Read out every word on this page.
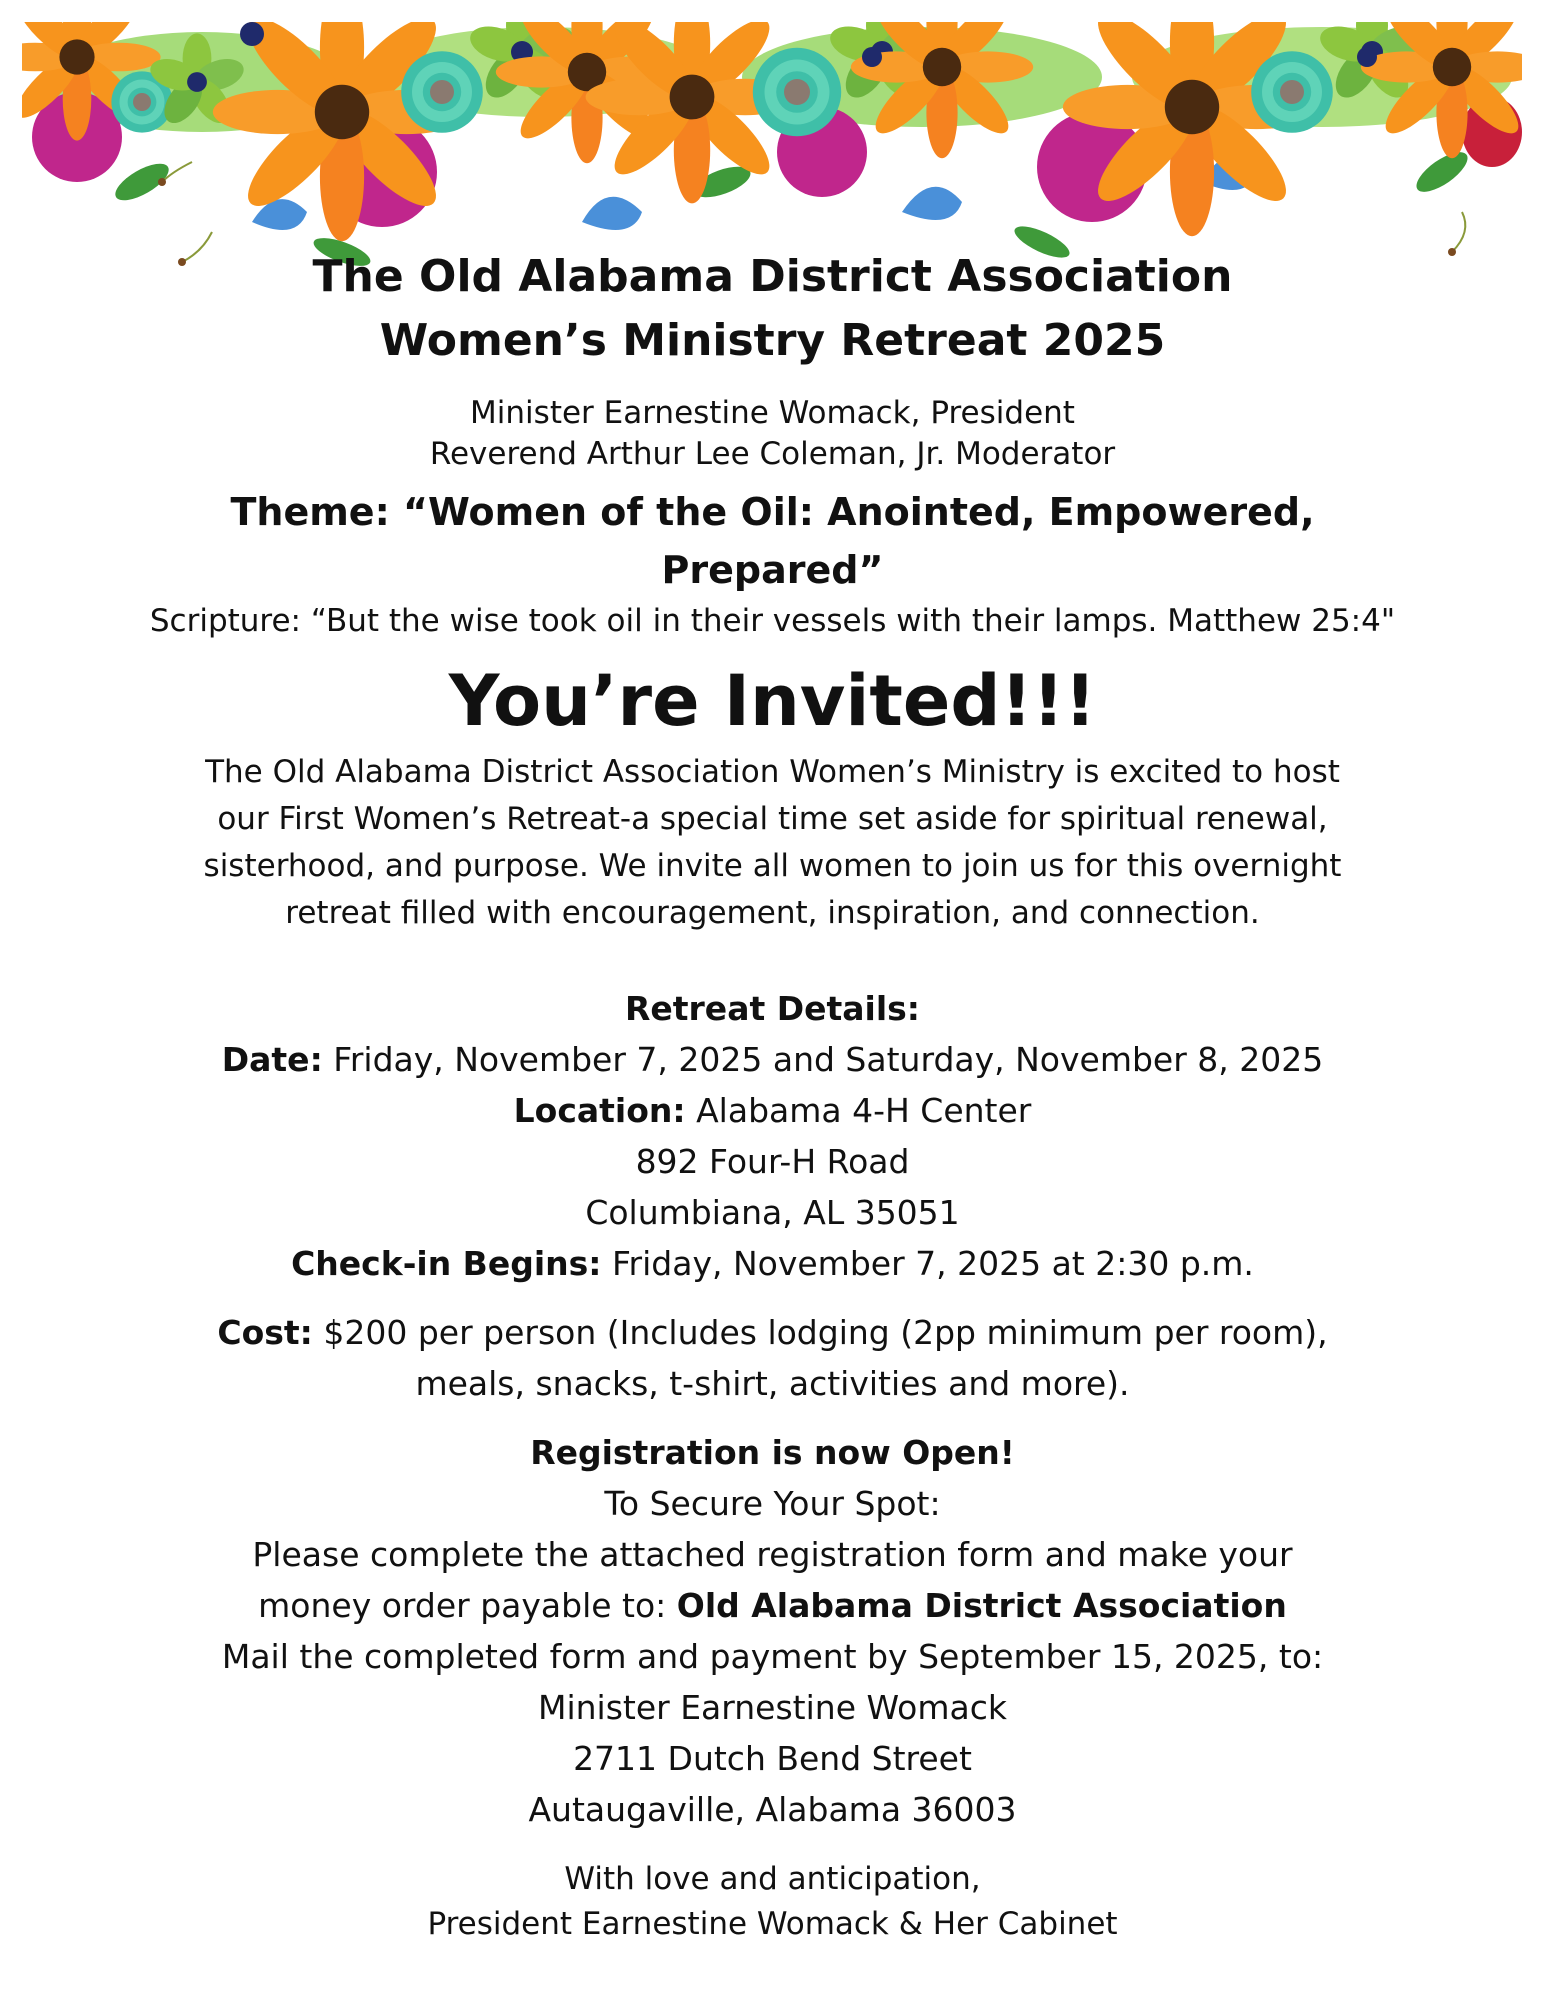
The Old Alabama District Association

Women’s Ministry Retreat 2025

Minister Earnestine Womack, President

Reverend Arthur Lee Coleman, Jr. Moderator

Theme: “Women of the Oil: Anointed, Empowered,

Prepared”

Scripture: “But the wise took oil in their vessels with their lamps. Matthew 25:4"

You’re Invited!!!

The Old Alabama District Association Women’s Ministry is excited to host

our First Women’s Retreat-a special time set aside for spiritual renewal,

sisterhood, and purpose. We invite all women to join us for this overnight

retreat filled with encouragement, inspiration, and connection.

Retreat Details:

Date: Friday, November 7, 2025 and Saturday, November 8, 2025

Location: Alabama 4-H Center

892 Four-H Road

Columbiana, AL 35051

Check-in Begins: Friday, November 7, 2025 at 2:30 p.m.

Cost: $200 per person (Includes lodging (2pp minimum per room),

meals, snacks, t-shirt, activities and more).

Registration is now Open!

To Secure Your Spot:

Please complete the attached registration form and make your

money order payable to: Old Alabama District Association

Mail the completed form and payment by September 15, 2025, to:

Minister Earnestine Womack

2711 Dutch Bend Street

Autaugaville, Alabama 36003

With love and anticipation,

President Earnestine Womack & Her Cabinet
